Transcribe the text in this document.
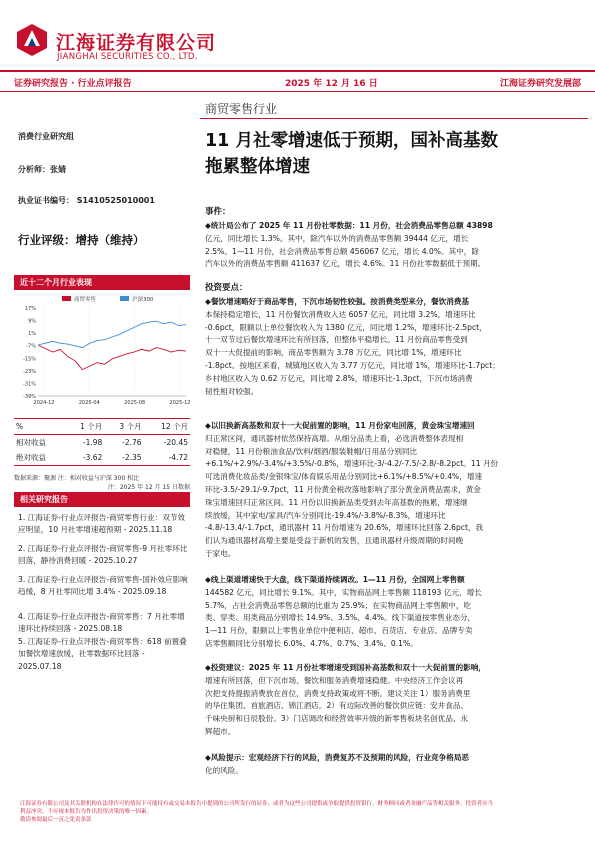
江海证券有限公司
JIANGHAI SECURITIES CO., LTD.
证券研究报告 · 行业点评报告	2025 年 12 月 16 日	江海证券研究发展部
商贸零售行业
消费行业研究组
分析师：张婧
执业证书编号： S1410525010001
行业评级：增持（维持）
近十二个月行业表现
17%
9%
1%
-7%
-15%
-23%
-31%
-39%
2024-12	2025-04	2025-08	2025-12
商贸零售	沪深300
%	1 个月	3 个月	12 个月
相对收益	-1.98	-2.76	-20.45
绝对收益	-3.62	-2.35	-4.72
数据来源：聚源 注：相对收益与沪深 300 相比
注：2025 年 12 月 15 日数据
相关研究报告
1. 江海证券-行业点评报告-商贸零售行业：双节效应明显，10 月社零增速超预期 - 2025.11.18
2. 江海证券-行业点评报告-商贸零售-9 月社零环比回落，静待消费回暖 - 2025.10.27
3. 江海证券-行业点评报告-商贸零售-国补效应影响趋缓，8 月社零同比增 3.4% - 2025.09.18
4. 江海证券-行业点评报告-商贸零售：7 月社零增速环比持续回落 - 2025.08.18
5. 江海证券-行业点评报告-商贸零售：618 前置叠加餐饮增速放缓，社零数据环比回落 - 2025.07.18
11 月社零增速低于预期，国补高基数
拖累整体增速
事件：
◆统计局公布了 2025 年 11 月份社零数据：11 月份，社会消费品零售总额 43898
亿元，同比增长 1.3%。其中，除汽车以外的消费品零售额 39444 亿元，增长
2.5%。1—11 月份，社会消费品零售总额 456067 亿元，增长 4.0%。其中，除
汽车以外的消费品零售额 411637 亿元，增长 4.6%。11 月份社零数据低于预期。
投资要点：
◆餐饮增速略好于商品零售，下沉市场韧性较强。按消费类型来分，餐饮消费基
本保持稳定增长，11 月份餐饮消费收入达 6057 亿元，同比增 3.2%，增速环比
-0.6pct，限额以上单位餐饮收入为 1380 亿元，同比增 1.2%，增速环比-2.5pct，
十一双节过后餐饮增速环比有所回落，但整体平稳增长。11 月份商品零售受到
双十一大促提前的影响，商品零售额为 3.78 万亿元，同比增 1%，增速环比
-1.8pct。按地区来看，城镇地区收入为 3.77 万亿元，同比增 1%，增速环比-1.7pct；
乡村地区收入为 0.62 万亿元，同比增 2.8%，增速环比-1.3pct，下沉市场消费
韧性相对较强。
◆以旧换新高基数和双十一大促前置的影响，11 月份家电回落，黄金珠宝增速回
归正常区间，通讯器材依然保持高增。从细分品类上看，必选消费整体表现相
对稳健，11 月份粮油食品/饮料/烟酒/服装鞋帽/日用品分别同比
+6.1%/+2.9%/-3.4%/+3.5%/-0.8%，增速环比-3/-4.2/-7.5/-2.8/-8.2pct。11 月份
可选消费化妆品类/金银珠宝/体育娱乐用品分别同比+6.1%/+8.5%/+0.4%，增速
环比-3.5/-29.1/-9.7pct，11 月份黄金税改落地影响了部分黄金消费品需求，黄金
珠宝增速回归正常区间。11 月份以旧换新品类受到去年高基数的拖累，增速继
续放缓，其中家电/家具/汽车分别同比-19.4%/-3.8%/-8.3%，增速环比
-4.8/-13.4/-1.7pct，通讯器材 11 月份增速为 20.6%，增速环比回落 2.6pct，我
们认为通讯器材高增主要是受益于新机的发售，且通讯器材升级周期的时间晚
于家电。
◆线上渠道增速快于大盘，线下渠道持续调改。1—11 月份，全国网上零售额
144582 亿元，同比增长 9.1%。其中，实物商品网上零售额 118193 亿元，增长
5.7%，占社会消费品零售总额的比重为 25.9%；在实物商品网上零售额中，吃
类、穿类、用类商品分别增长 14.9%、3.5%、4.4%。线下渠道按零售业态分，
1—11 月份，限额以上零售业单位中便利店、超市、百货店、专业店、品牌专卖
店零售额同比分别增长 6.0%、4.7%、0.7%、3.4%、0.1%。
◆投资建议：2025 年 11 月份社零增速受到国补高基数和双十一大促前置的影响，
增速有所回落，但下沉市场、餐饮和服务消费增速稳健。中央经济工作会议再
次把支持提振消费放在首位，消费支持政策或将不断。建议关注 1）服务消费里
的华住集团、首旅酒店、锦江酒店。2）有边际改善的餐饮供应链：安井食品、
千味央厨和日辰股份。3）门店调改和经营效率升级的新零售板块名创优品、永
辉超市。
◆风险提示：宏观经济下行的风险，消费复苏不及预期的风险，行业竞争格局恶
化的风险。
江海证券有限公司及其关联机构在法律许可的情况下可能持有或交易本报告中提到的公司所发行的证券，或者为这些公司提供或争取提供投资银行、财务顾问或者金融产品等相关服务。投资者应当
利益冲突，不应视本报告为作出投资决策的唯一因素。
敬请参阅最后一页之免责条款
